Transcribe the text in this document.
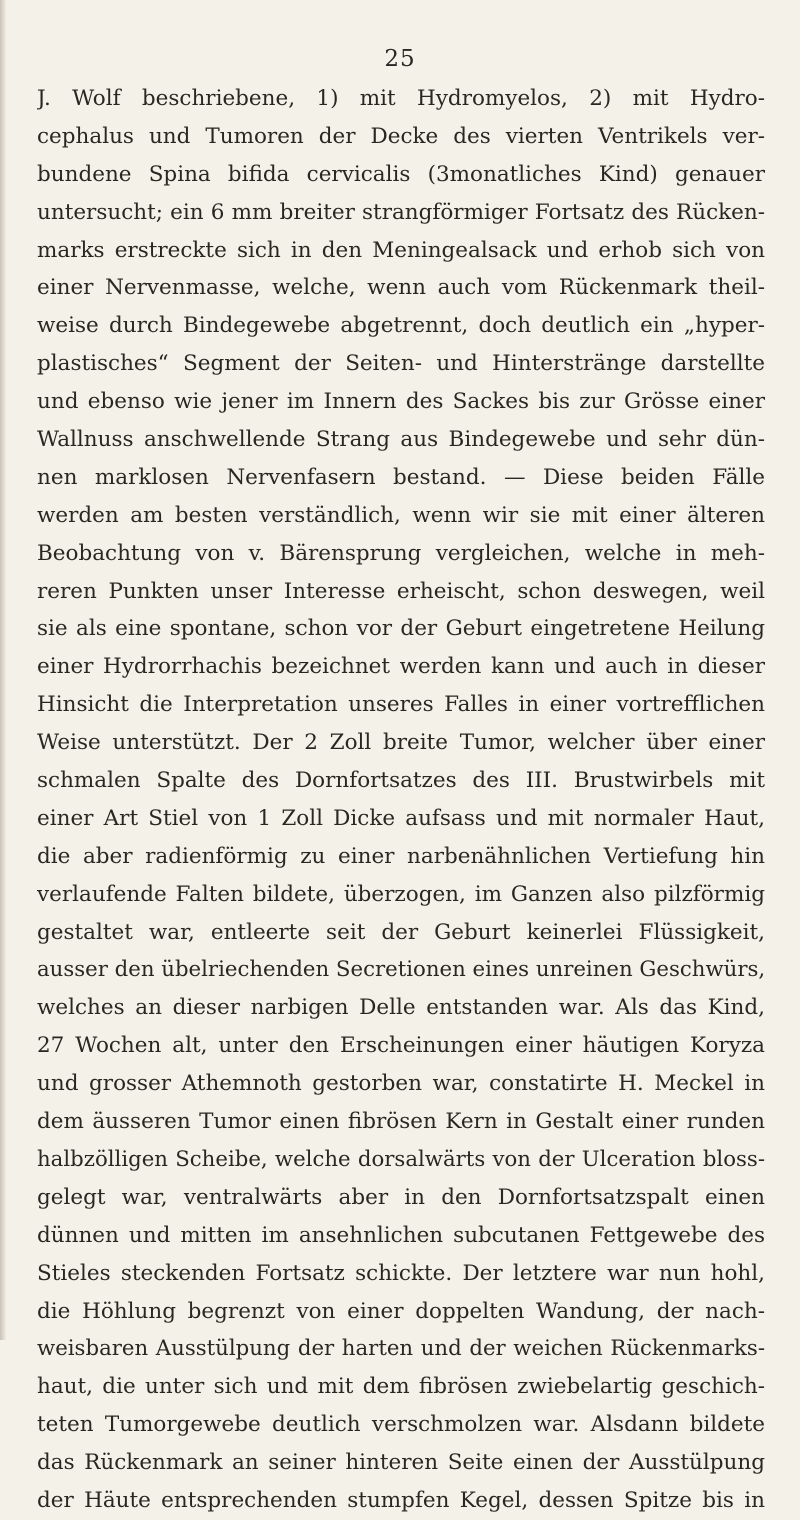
25
J. Wolf beschriebene, 1) mit Hydromyelos, 2) mit Hydro-
cephalus und Tumoren der Decke des vierten Ventrikels ver-
bundene Spina bifida cervicalis (3monatliches Kind) genauer
untersucht; ein 6 mm breiter strangförmiger Fortsatz des Rücken-
marks erstreckte sich in den Meningealsack und erhob sich von
einer Nervenmasse, welche, wenn auch vom Rückenmark theil-
weise durch Bindegewebe abgetrennt, doch deutlich ein „hyper-
plastisches“ Segment der Seiten- und Hinterstränge darstellte
und ebenso wie jener im Innern des Sackes bis zur Grösse einer
Wallnuss anschwellende Strang aus Bindegewebe und sehr dün-
nen marklosen Nervenfasern bestand. — Diese beiden Fälle
werden am besten verständlich, wenn wir sie mit einer älteren
Beobachtung von v. Bärensprung vergleichen, welche in meh-
reren Punkten unser Interesse erheischt, schon deswegen, weil
sie als eine spontane, schon vor der Geburt eingetretene Heilung
einer Hydrorrhachis bezeichnet werden kann und auch in dieser
Hinsicht die Interpretation unseres Falles in einer vortrefflichen
Weise unterstützt. Der 2 Zoll breite Tumor, welcher über einer
schmalen Spalte des Dornfortsatzes des III. Brustwirbels mit
einer Art Stiel von 1 Zoll Dicke aufsass und mit normaler Haut,
die aber radienförmig zu einer narbenähnlichen Vertiefung hin
verlaufende Falten bildete, überzogen, im Ganzen also pilzförmig
gestaltet war, entleerte seit der Geburt keinerlei Flüssigkeit,
ausser den übelriechenden Secretionen eines unreinen Geschwürs,
welches an dieser narbigen Delle entstanden war. Als das Kind,
27 Wochen alt, unter den Erscheinungen einer häutigen Koryza
und grosser Athemnoth gestorben war, constatirte H. Meckel in
dem äusseren Tumor einen fibrösen Kern in Gestalt einer runden
halbzölligen Scheibe, welche dorsalwärts von der Ulceration bloss-
gelegt war, ventralwärts aber in den Dornfortsatzspalt einen
dünnen und mitten im ansehnlichen subcutanen Fettgewebe des
Stieles steckenden Fortsatz schickte. Der letztere war nun hohl,
die Höhlung begrenzt von einer doppelten Wandung, der nach-
weisbaren Ausstülpung der harten und der weichen Rückenmarks-
haut, die unter sich und mit dem fibrösen zwiebelartig geschich-
teten Tumorgewebe deutlich verschmolzen war. Alsdann bildete
das Rückenmark an seiner hinteren Seite einen der Ausstülpung
der Häute entsprechenden stumpfen Kegel, dessen Spitze bis in
